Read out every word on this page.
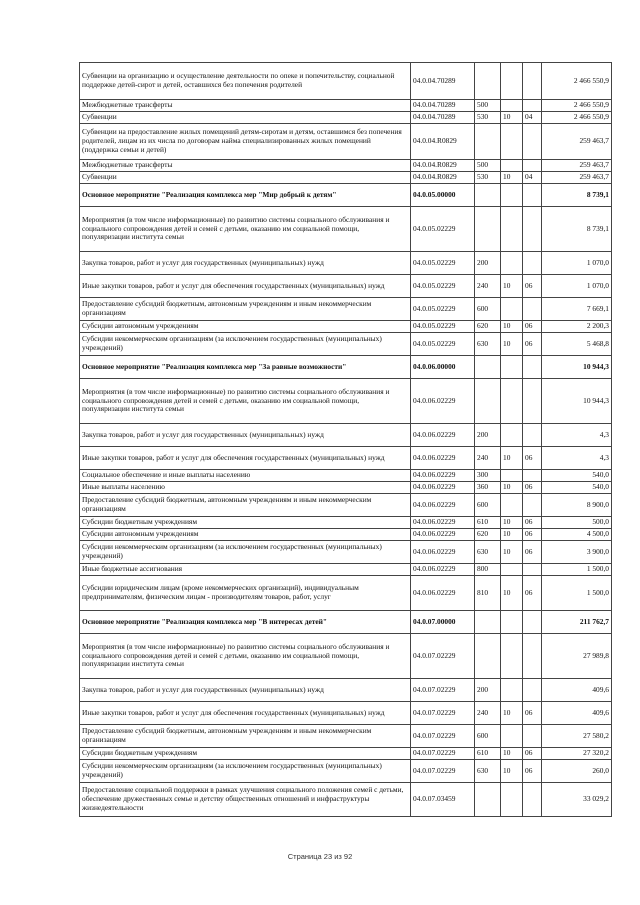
Субвенции на организацию и осуществление деятельности по опеке и попечительству, социальной поддержке детей-сирот и детей, оставшихся без попечения родителей	04.0.04.70289				2 466 550,9
Межбюджетные трансферты	04.0.04.70289	500			2 466 550,9
Субвенции	04.0.04.70289	530	10	04	2 466 550,9
Субвенции на предоставление жилых помещений детям-сиротам и детям, оставшимся без попечения родителей, лицам из их числа по договорам найма специализированных жилых помещений (поддержка семьи и детей)	04.0.04.R0829				259 463,7
Межбюджетные трансферты	04.0.04.R0829	500			259 463,7
Субвенции	04.0.04.R0829	530	10	04	259 463,7
Основное мероприятие "Реализация комплекса мер "Мир добрый к детям"	04.0.05.00000				8 739,1
Мероприятия (в том числе информационные) по развитию системы социального обслуживания и социального сопровождения детей и семей с детьми, оказанию им социальной помощи, популяризации института семьи	04.0.05.02229				8 739,1
Закупка товаров, работ и услуг для государственных (муниципальных) нужд	04.0.05.02229	200			1 070,0
Иные закупки товаров, работ и услуг для обеспечения государственных (муниципальных) нужд	04.0.05.02229	240	10	06	1 070,0
Предоставление субсидий бюджетным, автономным учреждениям и иным некоммерческим организациям	04.0.05.02229	600			7 669,1
Субсидии автономным учреждениям	04.0.05.02229	620	10	06	2 200,3
Субсидии некоммерческим организациям (за исключением государственных (муниципальных) учреждений)	04.0.05.02229	630	10	06	5 468,8
Основное мероприятие "Реализация комплекса мер "За равные возможности"	04.0.06.00000				10 944,3
Мероприятия (в том числе информационные) по развитию системы социального обслуживания и социального сопровождения детей и семей с детьми, оказанию им социальной помощи, популяризации института семьи	04.0.06.02229				10 944,3
Закупка товаров, работ и услуг для государственных (муниципальных) нужд	04.0.06.02229	200			4,3
Иные закупки товаров, работ и услуг для обеспечения государственных (муниципальных) нужд	04.0.06.02229	240	10	06	4,3
Социальное обеспечение и иные выплаты населению	04.0.06.02229	300			540,0
Иные выплаты населению	04.0.06.02229	360	10	06	540,0
Предоставление субсидий бюджетным, автономным учреждениям и иным некоммерческим организациям	04.0.06.02229	600			8 900,0
Субсидии бюджетным учреждениям	04.0.06.02229	610	10	06	500,0
Субсидии автономным учреждениям	04.0.06.02229	620	10	06	4 500,0
Субсидии некоммерческим организациям (за исключением государственных (муниципальных) учреждений)	04.0.06.02229	630	10	06	3 900,0
Иные бюджетные ассигнования	04.0.06.02229	800			1 500,0
Субсидии юридическим лицам (кроме некоммерческих организаций), индивидуальным предпринимателям, физическим лицам - производителям товаров, работ, услуг	04.0.06.02229	810	10	06	1 500,0
Основное мероприятие "Реализация комплекса мер "В интересах детей"	04.0.07.00000				211 762,7
Мероприятия (в том числе информационные) по развитию системы социального обслуживания и социального сопровождения детей и семей с детьми, оказанию им социальной помощи, популяризации института семьи	04.0.07.02229				27 989,8
Закупка товаров, работ и услуг для государственных (муниципальных) нужд	04.0.07.02229	200			409,6
Иные закупки товаров, работ и услуг для обеспечения государственных (муниципальных) нужд	04.0.07.02229	240	10	06	409,6
Предоставление субсидий бюджетным, автономным учреждениям и иным некоммерческим организациям	04.0.07.02229	600			27 580,2
Субсидии бюджетным учреждениям	04.0.07.02229	610	10	06	27 320,2
Субсидии некоммерческим организациям (за исключением государственных (муниципальных) учреждений)	04.0.07.02229	630	10	06	260,0
Предоставление социальной поддержки в рамках улучшения социального положения семей с детьми, обеспечение дружественных семье и детству общественных отношений и инфраструктуры жизнедеятельности	04.0.07.03459				33 029,2
Страница 23 из 92
